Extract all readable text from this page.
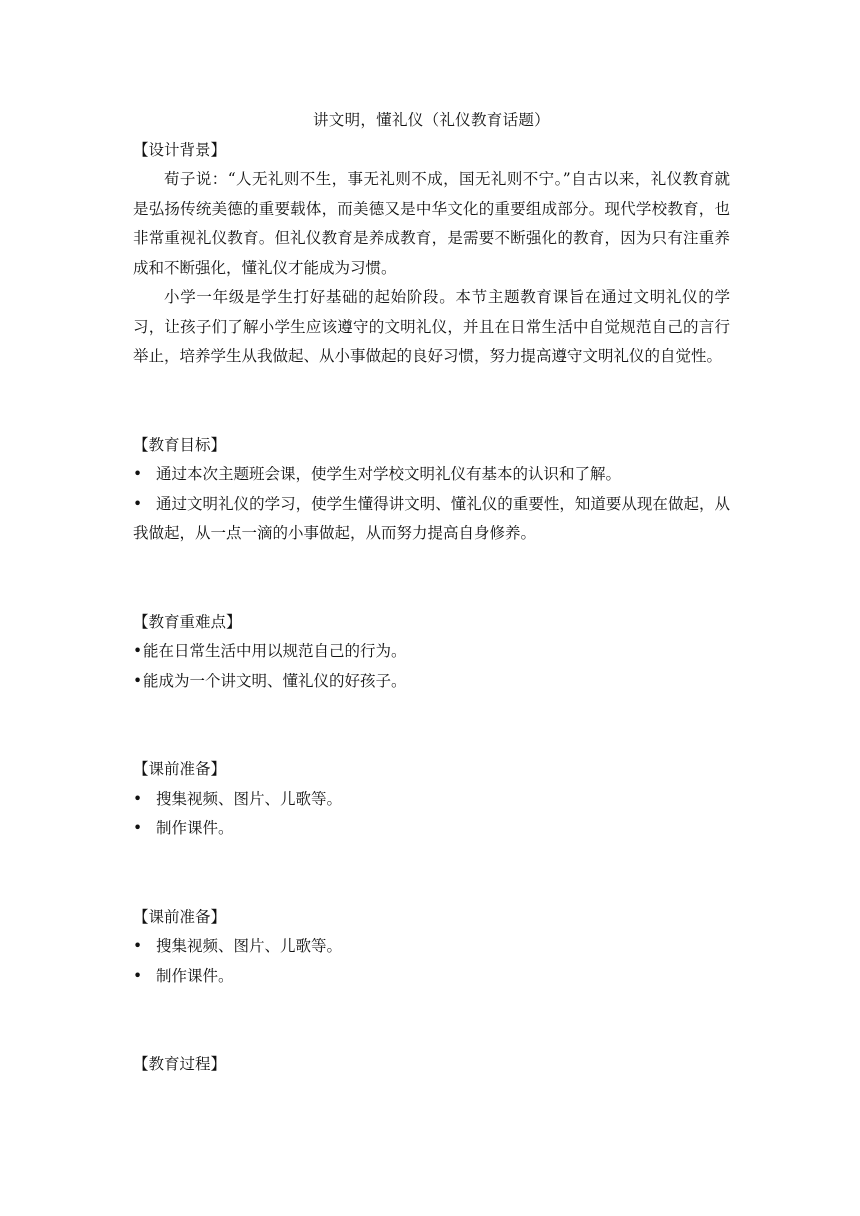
讲文明，懂礼仪（礼仪教育话题）
【设计背景】

荀子说：“人无礼则不生，事无礼则不成，国无礼则不宁。”自古以来，礼仪教育就是弘扬传统美德的重要载体，而美德又是中华文化的重要组成部分。现代学校教育，也非常重视礼仪教育。但礼仪教育是养成教育，是需要不断强化的教育，因为只有注重养成和不断强化，懂礼仪才能成为习惯。

小学一年级是学生打好基础的起始阶段。本节主题教育课旨在通过文明礼仪的学习，让孩子们了解小学生应该遵守的文明礼仪，并且在日常生活中自觉规范自己的言行举止，培养学生从我做起、从小事做起的良好习惯，努力提高遵守文明礼仪的自觉性。

【教育目标】

• 通过本次主题班会课，使学生对学校文明礼仪有基本的认识和了解。

• 通过文明礼仪的学习，使学生懂得讲文明、懂礼仪的重要性，知道要从现在做起，从我做起，从一点一滴的小事做起，从而努力提高自身修养。

【教育重难点】

•能在日常生活中用以规范自己的行为。

•能成为一个讲文明、懂礼仪的好孩子。

【课前准备】

• 搜集视频、图片、儿歌等。

• 制作课件。

【课前准备】

• 搜集视频、图片、儿歌等。

• 制作课件。

【教育过程】
